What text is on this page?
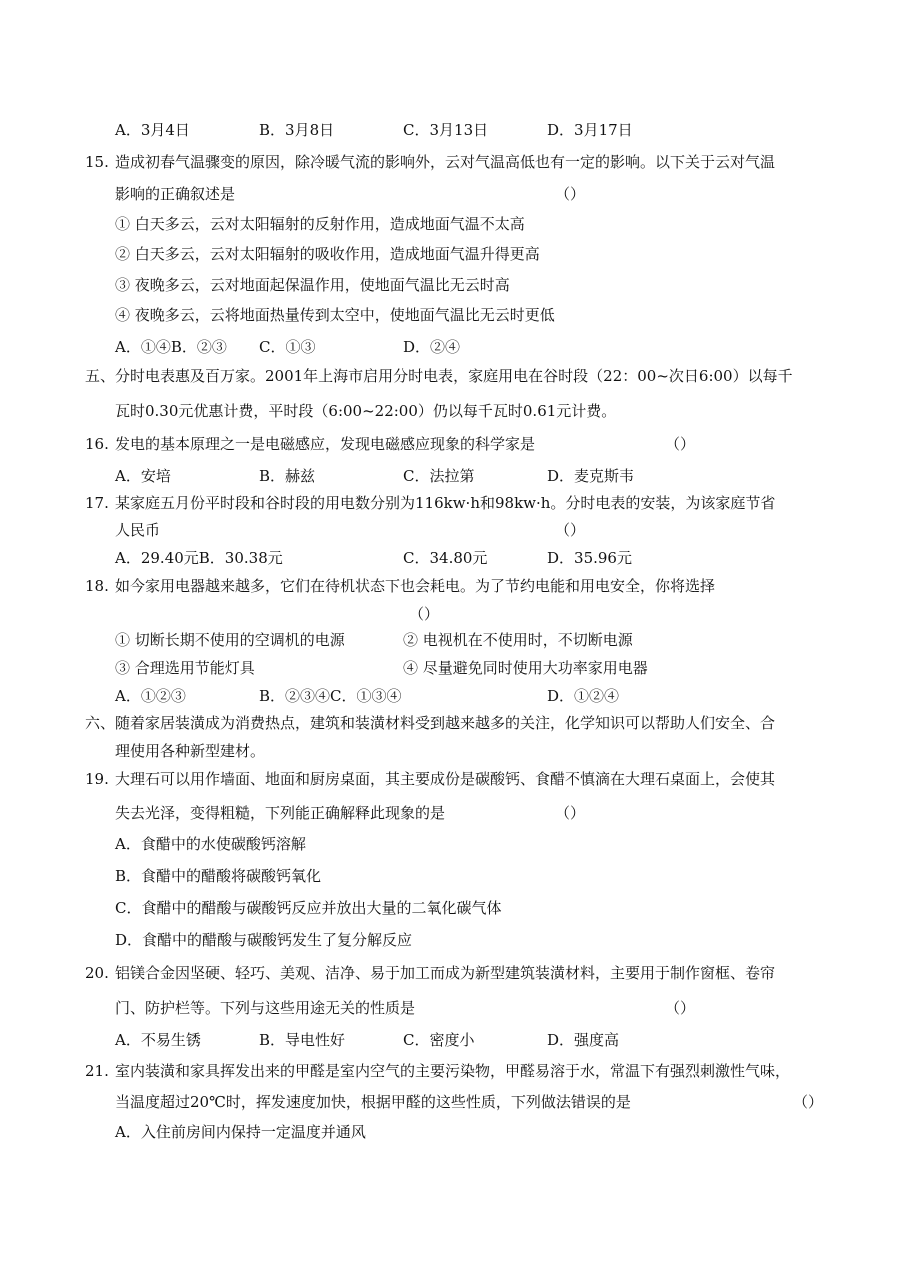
A．3月4日	B．3月8日	C．3月13日	D．3月17日
15. 造成初春气温骤变的原因，除冷暖气流的影响外，云对气温高低也有一定的影响。以下关于云对气温
影响的正确叙述是	（）
① 白天多云，云对太阳辐射的反射作用，造成地面气温不太高
② 白天多云，云对太阳辐射的吸收作用，造成地面气温升得更高
③ 夜晚多云，云对地面起保温作用，使地面气温比无云时高
④ 夜晚多云，云将地面热量传到太空中，使地面气温比无云时更低
A．①④B．②③ C．①③	D．②④
五、分时电表惠及百万家。2001年上海市启用分时电表，家庭用电在谷时段（22：00~次日6:00）以每千
瓦时0.30元优惠计费，平时段（6:00~22:00）仍以每千瓦时0.61元计费。
16. 发电的基本原理之一是电磁感应，发现电磁感应现象的科学家是	（）
A．安培	B．赫兹	C．法拉第	D．麦克斯韦
17. 某家庭五月份平时段和谷时段的用电数分别为116kw·h和98kw·h。分时电表的安装，为该家庭节省
人民币	（）
A．29.40元B．30.38元	C．34.80元	D．35.96元
18. 如今家用电器越来越多，它们在待机状态下也会耗电。为了节约电能和用电安全，你将选择
（）
① 切断长期不使用的空调机的电源	② 电视机在不使用时，不切断电源
③ 合理选用节能灯具	④ 尽量避免同时使用大功率家用电器
A．①②③	B．②③④C．①③④	D．①②④
六、随着家居装潢成为消费热点，建筑和装潢材料受到越来越多的关注，化学知识可以帮助人们安全、合
理使用各种新型建材。
19. 大理石可以用作墙面、地面和厨房桌面，其主要成份是碳酸钙、食醋不慎滴在大理石桌面上，会使其
失去光泽，变得粗糙，下列能正确解释此现象的是	（）
A．食醋中的水使碳酸钙溶解
B．食醋中的醋酸将碳酸钙氧化
C．食醋中的醋酸与碳酸钙反应并放出大量的二氧化碳气体
D．食醋中的醋酸与碳酸钙发生了复分解反应
20. 铝镁合金因坚硬、轻巧、美观、洁净、易于加工而成为新型建筑装潢材料，主要用于制作窗框、卷帘
门、防护栏等。下列与这些用途无关的性质是	（）
A．不易生锈	B．导电性好	C．密度小	D．强度高
21. 室内装潢和家具挥发出来的甲醛是室内空气的主要污染物，甲醛易溶于水，常温下有强烈刺激性气味，
当温度超过20℃时，挥发速度加快，根据甲醛的这些性质，下列做法错误的是	（）
A．入住前房间内保持一定温度并通风
